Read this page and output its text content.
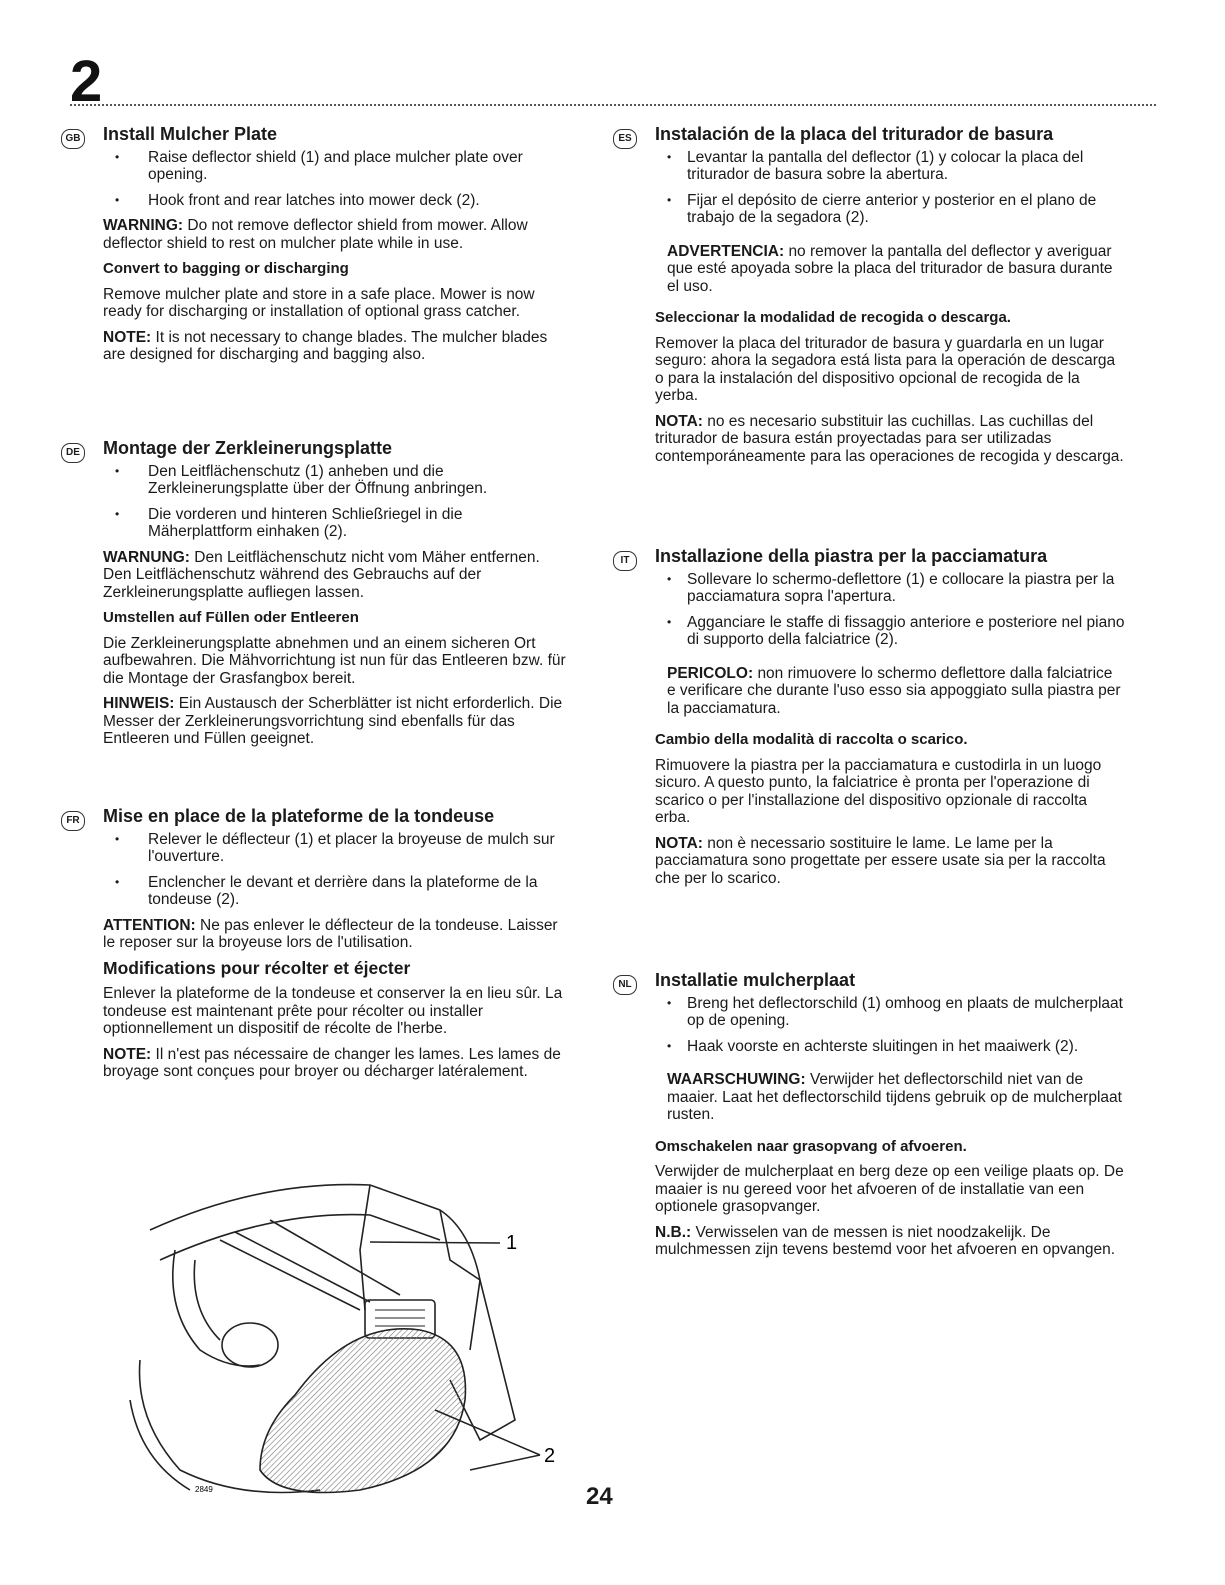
2
GB Install Mulcher Plate
• Raise deflector shield (1) and place mulcher plate over opening.
• Hook front and rear latches into mower deck (2).

WARNING: Do not remove deflector shield from mower. Allow deflector shield to rest on mulcher plate while in use.

Convert to bagging or discharging

Remove mulcher plate and store in a safe place. Mower is now ready for discharging or installation of optional grass catcher.

NOTE: It is not necessary to change blades. The mulcher blades are designed for discharging and bagging also.

DE Montage der Zerkleinerungsplatte
• Den Leitflächenschutz (1) anheben und die Zerkleinerungsplatte über der Öffnung anbringen.
• Die vorderen und hinteren Schließriegel in die Mäherplattform einhaken (2).

WARNUNG: Den Leitflächenschutz nicht vom Mäher entfernen. Den Leitflächenschutz während des Gebrauchs auf der Zerkleinerungsplatte aufliegen lassen.

Umstellen auf Füllen oder Entleeren

Die Zerkleinerungsplatte abnehmen und an einem sicheren Ort aufbewahren. Die Mähvorrichtung ist nun für das Entleeren bzw. für die Montage der Grasfangbox bereit.

HINWEIS: Ein Austausch der Scherblätter ist nicht erforderlich. Die Messer der Zerkleinerungsvorrichtung sind ebenfalls für das Entleeren und Füllen geeignet.

FR Mise en place de la plateforme de la tondeuse
• Relever le déflecteur (1) et placer la broyeuse de mulch sur l'ouverture.
• Enclencher le devant et derrière dans la plateforme de la tondeuse (2).

ATTENTION: Ne pas enlever le déflecteur de la tondeuse. Laisser le reposer sur la broyeuse lors de l'utilisation.

Modifications pour récolter et éjecter

Enlever la plateforme de la tondeuse et conserver la en lieu sûr. La tondeuse est maintenant prête pour récolter ou installer optionnellement un dispositif de récolte de l'herbe.

NOTE: Il n'est pas nécessaire de changer les lames. Les lames de broyage sont conçues pour broyer ou décharger latéralement.

ES Instalación de la placa del triturador de basura
• Levantar la pantalla del deflector (1) y colocar la placa del triturador de basura sobre la abertura.
• Fijar el depósito de cierre anterior y posterior en el plano de trabajo de la segadora (2).

ADVERTENCIA: no remover la pantalla del deflector y averiguar que esté apoyada sobre la placa del triturador de basura durante el uso.

Seleccionar la modalidad de recogida o descarga.

Remover la placa del triturador de basura y guardarla en un lugar seguro: ahora la segadora está lista para la operación de descarga o para la instalación del dispositivo opcional de recogida de la yerba.

NOTA: no es necesario substituir las cuchillas. Las cuchillas del triturador de basura están proyectadas para ser utilizadas contemporáneamente para las operaciones de recogida y descarga.

IT	Installazione della piastra per la pacciamatura
• Sollevare lo schermo-deflettore (1) e collocare la piastra per la pacciamatura sopra l'apertura.
• Agganciare le staffe di fissaggio anteriore e posteriore nel piano di supporto della falciatrice (2).

PERICOLO: non rimuovere lo schermo deflettore dalla falciatrice e verificare che durante l'uso esso sia appoggiato sulla piastra per la pacciamatura.

Cambio della modalità di raccolta o scarico.

Rimuovere la piastra per la pacciamatura e custodirla in un luogo sicuro. A questo punto, la falciatrice è pronta per l'operazione di scarico o per l'installazione del dispositivo opzionale di raccolta erba.

NOTA: non è necessario sostituire le lame. Le lame per la pacciamatura sono progettate per essere usate sia per la raccolta che per lo scarico.

NL Installatie mulcherplaat
• Breng het deflectorschild (1) omhoog en plaats de mulcherplaat op de opening.
• Haak voorste en achterste sluitingen in het maaiwerk (2).

WAARSCHUWING: Verwijder het deflectorschild niet van de maaier. Laat het deflectorschild tijdens gebruik op de mulcherplaat rusten.

Omschakelen naar grasopvang of afvoeren.

Verwijder de mulcherplaat en berg deze op een veilige plaats op. De maaier is nu gereed voor het afvoeren of de installatie van een optionele grasopvanger.

N.B.: Verwisselen van de messen is niet noodzakelijk. De mulchmessen zijn tevens bestemd voor het afvoeren en opvangen.

1
2
2849	24
